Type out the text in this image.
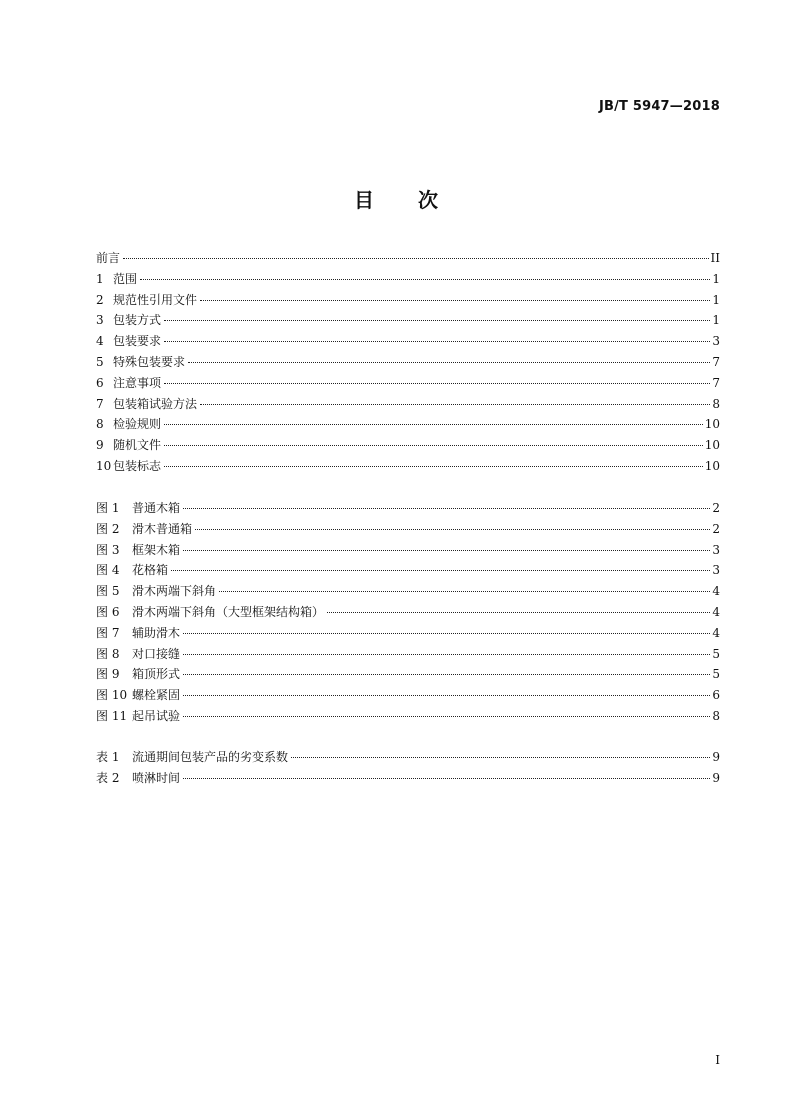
JB/T 5947—2018
目 次
前言	II
1 范围	1
2 规范性引用文件	1
3 包装方式	1
4 包装要求	3
5 特殊包装要求	7
6 注意事项	7
7 包装箱试验方法	8
8 检验规则	10
9 随机文件	10
10 包装标志	10
图 1 普通木箱	2
图 2 滑木普通箱	2
图 3 框架木箱	3
图 4 花格箱	3
图 5 滑木两端下斜角	4
图 6 滑木两端下斜角（大型框架结构箱）	4
图 7 辅助滑木	4
图 8 对口接缝	5
图 9 箱顶形式	5
图 10 螺栓紧固	6
图 11 起吊试验	8
表 1 流通期间包装产品的劣变系数	9
表 2 喷淋时间	9
I
